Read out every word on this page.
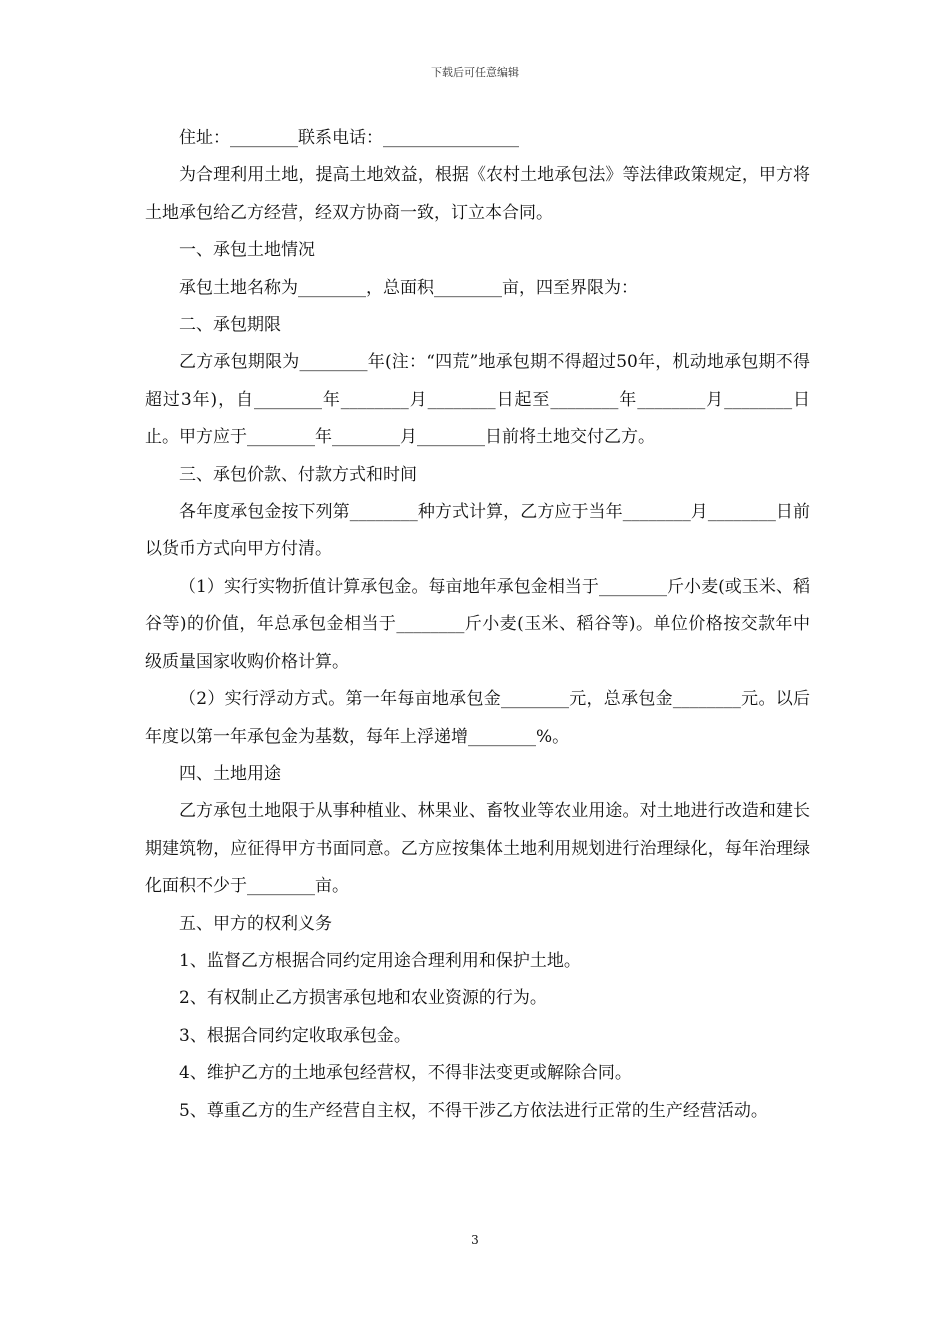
下载后可任意编辑

住址：________联系电话：________________

为合理利用土地，提高土地效益，根据《农村土地承包法》等法律政策规定，甲方将土地承包给乙方经营，经双方协商一致，订立本合同。

一、承包土地情况

承包土地名称为________，总面积________亩，四至界限为：

二、承包期限

乙方承包期限为________年(注：“四荒”地承包期不得超过50年，机动地承包期不得超过3年)，自________年________月________日起至________年________月________日止。甲方应于________年________月________日前将土地交付乙方。

三、承包价款、付款方式和时间

各年度承包金按下列第________种方式计算，乙方应于当年________月________日前以货币方式向甲方付清。

（1）实行实物折值计算承包金。每亩地年承包金相当于________斤小麦(或玉米、稻谷等)的价值，年总承包金相当于________斤小麦(玉米、稻谷等)。单位价格按交款年中级质量国家收购价格计算。

（2）实行浮动方式。第一年每亩地承包金________元，总承包金________元。以后年度以第一年承包金为基数，每年上浮递增________%。

四、土地用途

乙方承包土地限于从事种植业、林果业、畜牧业等农业用途。对土地进行改造和建长期建筑物，应征得甲方书面同意。乙方应按集体土地利用规划进行治理绿化，每年治理绿化面积不少于________亩。

五、甲方的权利义务

1、监督乙方根据合同约定用途合理利用和保护土地。

2、有权制止乙方损害承包地和农业资源的行为。

3、根据合同约定收取承包金。

4、维护乙方的土地承包经营权，不得非法变更或解除合同。

5、尊重乙方的生产经营自主权，不得干涉乙方依法进行正常的生产经营活动。

3
